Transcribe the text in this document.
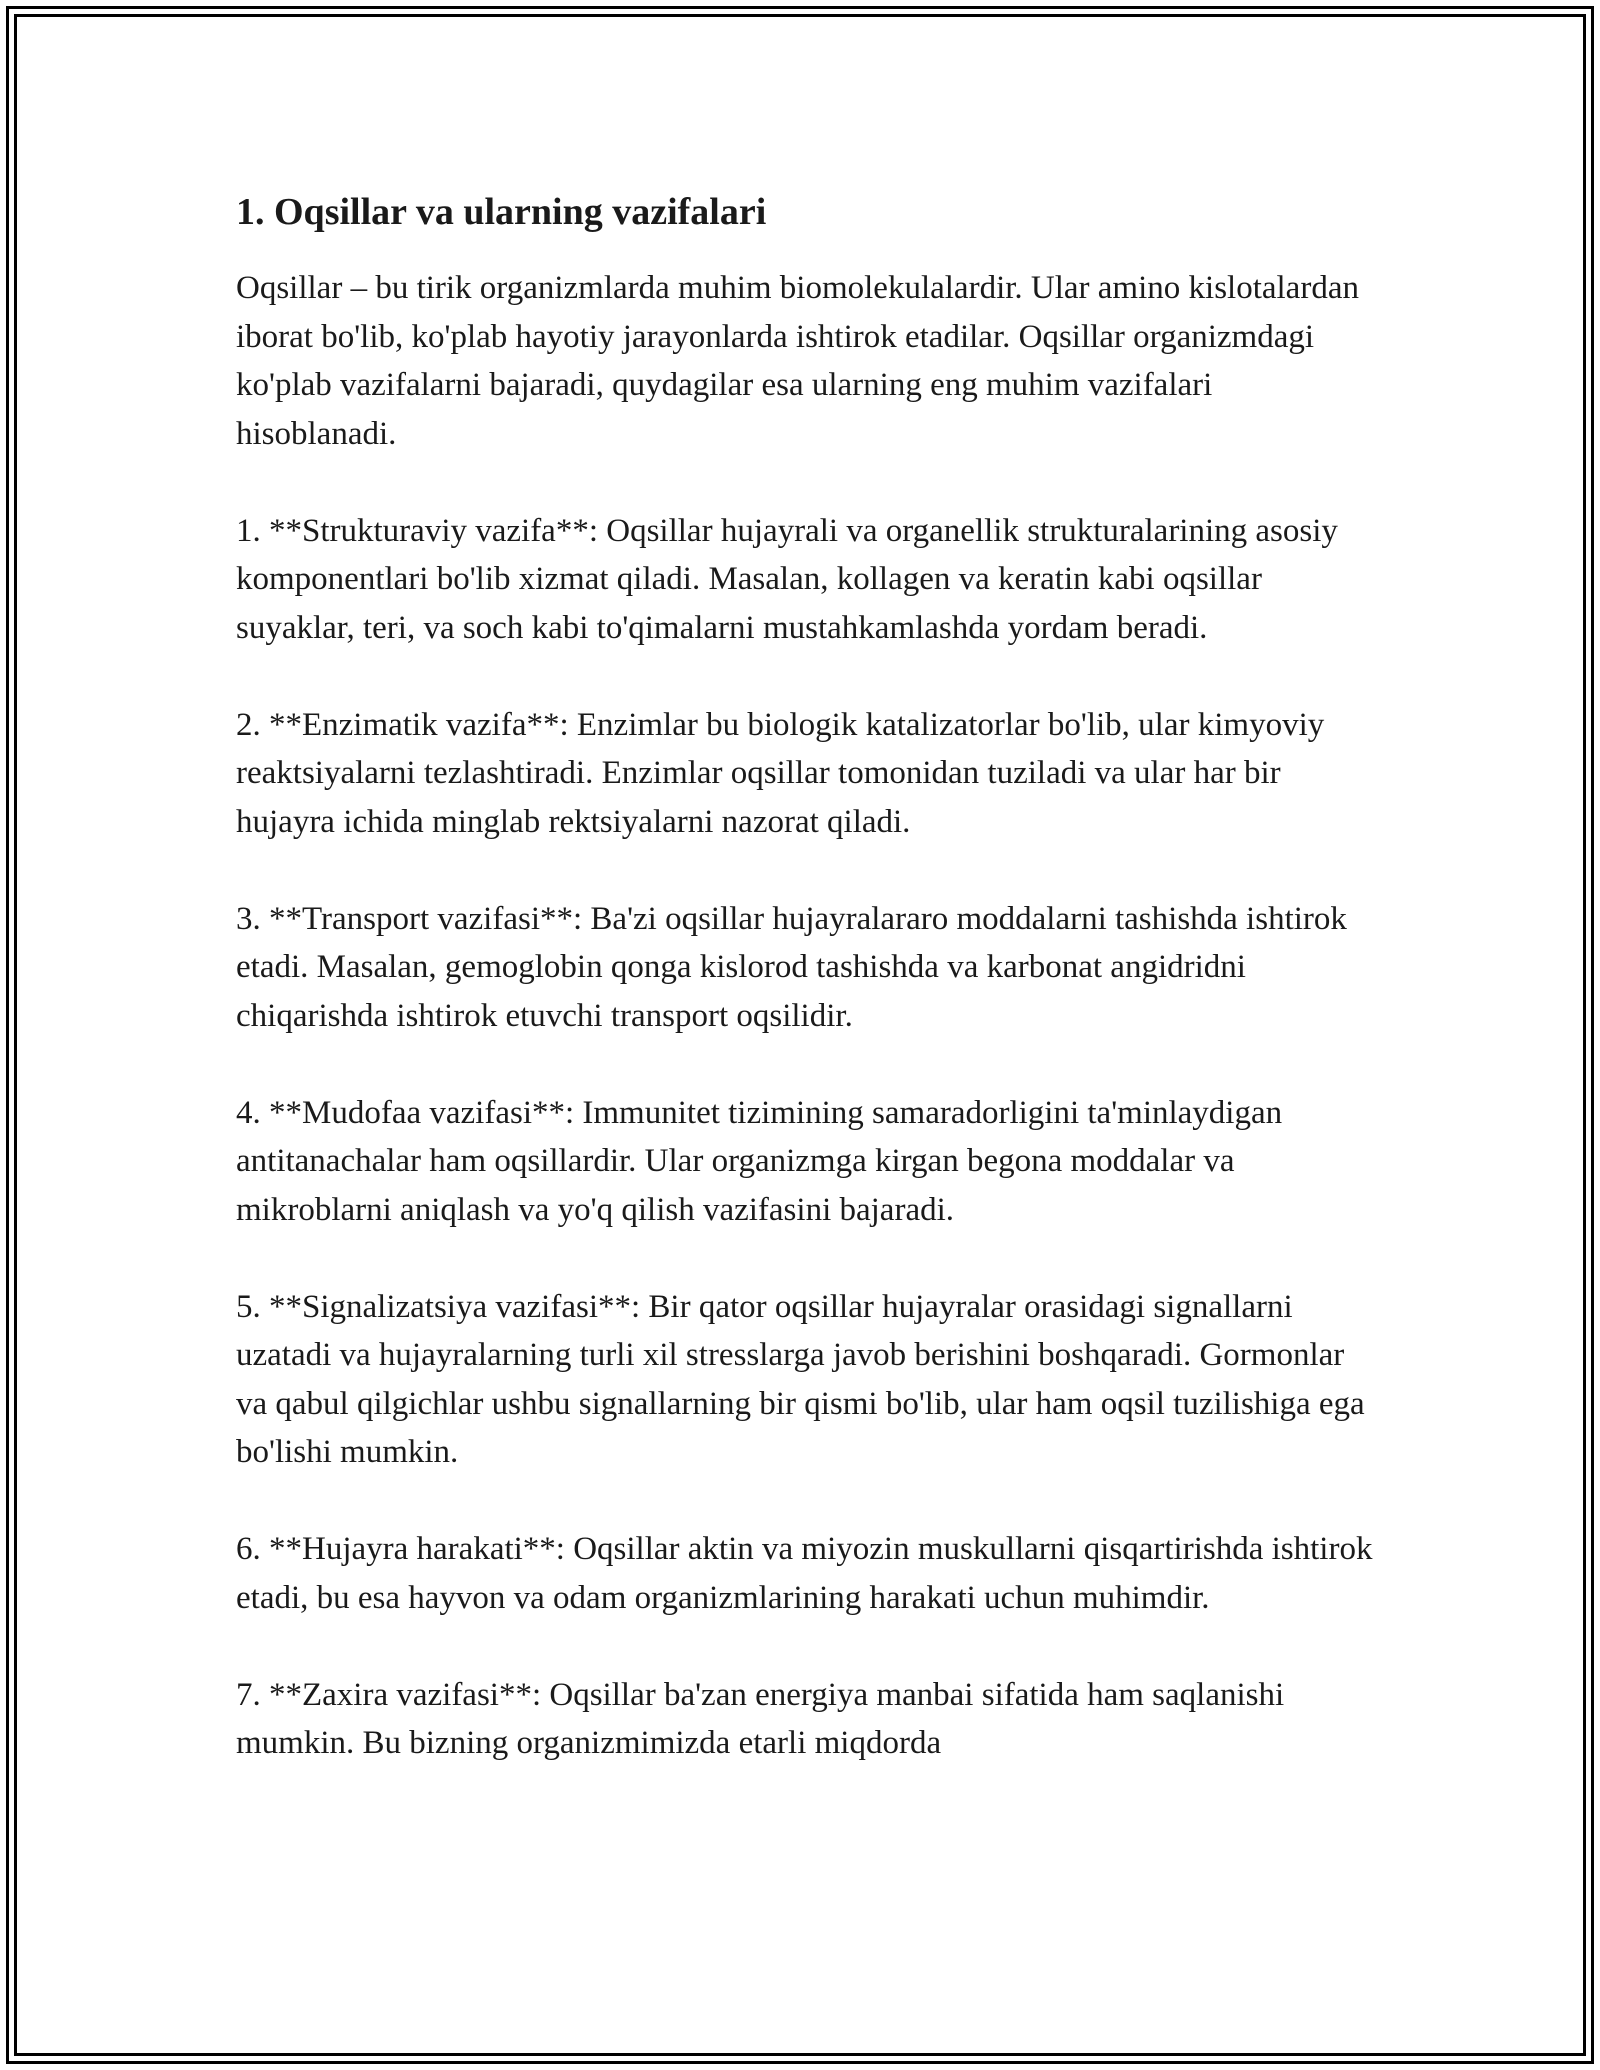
1. Oqsillar va ularning vazifalari

Oqsillar – bu tirik organizmlarda muhim biomolekulalardir. Ular amino kislotalardan iborat bo'lib, ko'plab hayotiy jarayonlarda ishtirok etadilar. Oqsillar organizmdagi ko'plab vazifalarni bajaradi, quydagilar esa ularning eng muhim vazifalari hisoblanadi.

1. **Strukturaviy vazifa**: Oqsillar hujayrali va organellik strukturalarining asosiy komponentlari bo'lib xizmat qiladi. Masalan, kollagen va keratin kabi oqsillar suyaklar, teri, va soch kabi to'qimalarni mustahkamlashda yordam beradi.

2. **Enzimatik vazifa**: Enzimlar bu biologik katalizatorlar bo'lib, ular kimyoviy reaktsiyalarni tezlashtiradi. Enzimlar oqsillar tomonidan tuziladi va ular har bir hujayra ichida minglab rektsiyalarni nazorat qiladi.

3. **Transport vazifasi**: Ba'zi oqsillar hujayralararo moddalarni tashishda ishtirok etadi. Masalan, gemoglobin qonga kislorod tashishda va karbonat angidridni chiqarishda ishtirok etuvchi transport oqsilidir.

4. **Mudofaa vazifasi**: Immunitet tizimining samaradorligini ta'minlaydigan antitanachalar ham oqsillardir. Ular organizmga kirgan begona moddalar va mikroblarni aniqlash va yo'q qilish vazifasini bajaradi.

5. **Signalizatsiya vazifasi**: Bir qator oqsillar hujayralar orasidagi signallarni uzatadi va hujayralarning turli xil stresslarga javob berishini boshqaradi. Gormonlar va qabul qilgichlar ushbu signallarning bir qismi bo'lib, ular ham oqsil tuzilishiga ega bo'lishi mumkin.

6. **Hujayra harakati**: Oqsillar aktin va miyozin muskullarni qisqartirishda ishtirok etadi, bu esa hayvon va odam organizmlarining harakati uchun muhimdir.

7. **Zaxira vazifasi**: Oqsillar ba'zan energiya manbai sifatida ham saqlanishi mumkin. Bu bizning organizmimizda etarli miqdorda
